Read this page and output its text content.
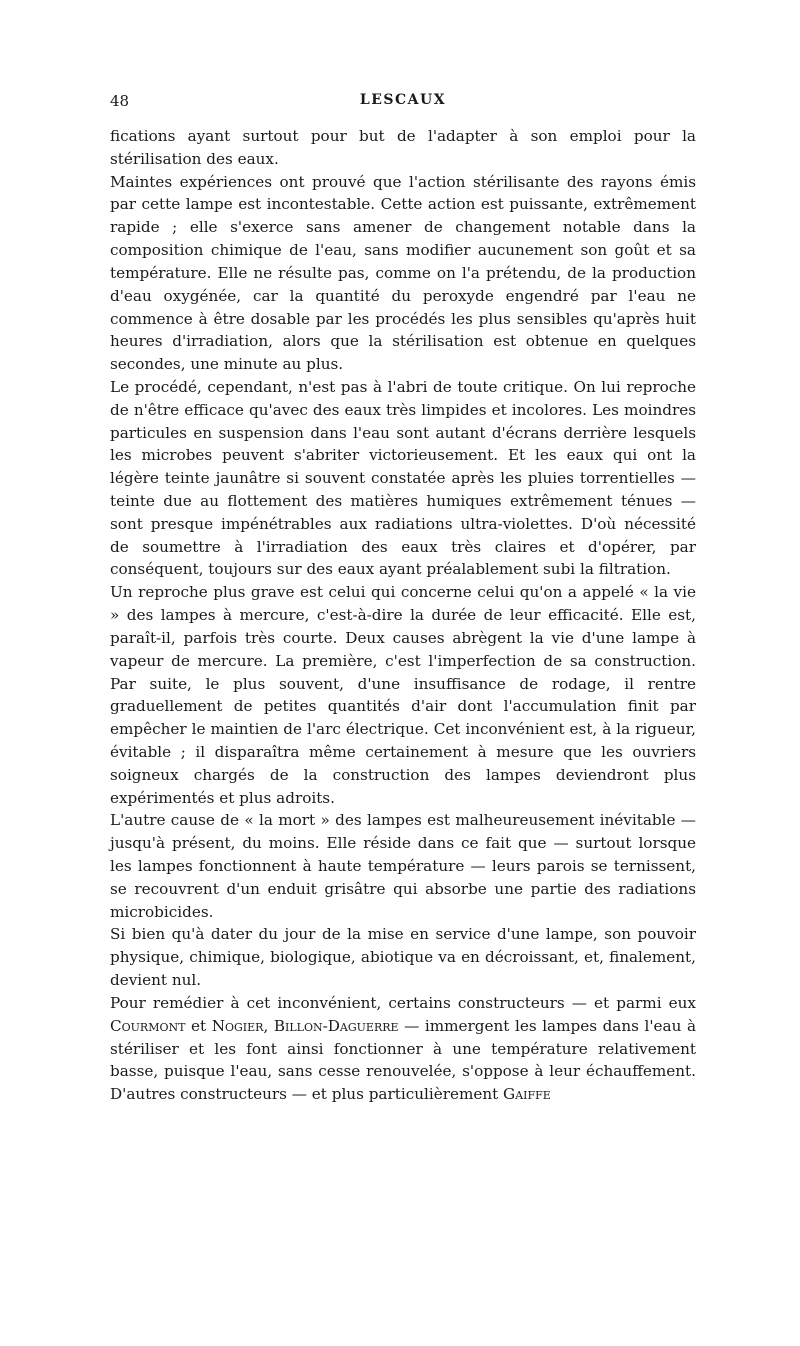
48	LESCAUX

fications ayant surtout pour but de l'adapter à son emploi pour la stérilisation des eaux.

Maintes expériences ont prouvé que l'action stérilisante des rayons émis par cette lampe est incontestable. Cette action est puissante, extrêmement rapide ; elle s'exerce sans amener de changement notable dans la composition chimique de l'eau, sans modifier aucunement son goût et sa température. Elle ne résulte pas, comme on l'a prétendu, de la production d'eau oxygénée, car la quantité du peroxyde engendré par l'eau ne commence à être dosable par les procédés les plus sensibles qu'après huit heures d'irradiation, alors que la stérilisation est obtenue en quelques secondes, une minute au plus.

Le procédé, cependant, n'est pas à l'abri de toute critique. On lui reproche de n'être efficace qu'avec des eaux très limpides et incolores. Les moindres particules en suspension dans l'eau sont autant d'écrans derrière lesquels les microbes peuvent s'abriter victorieusement. Et les eaux qui ont la légère teinte jaunâtre si souvent constatée après les pluies torrentielles — teinte due au flottement des matières humiques extrêmement ténues — sont presque impénétrables aux radiations ultra-violettes. D'où nécessité de soumettre à l'irradiation des eaux très claires et d'opérer, par conséquent, toujours sur des eaux ayant préalablement subi la filtration.

Un reproche plus grave est celui qui concerne celui qu'on a appelé « la vie » des lampes à mercure, c'est-à-dire la durée de leur efficacité. Elle est, paraît-il, parfois très courte. Deux causes abrègent la vie d'une lampe à vapeur de mercure. La première, c'est l'imperfection de sa construction. Par suite, le plus souvent, d'une insuffisance de rodage, il rentre graduellement de petites quantités d'air dont l'accumulation finit par empêcher le maintien de l'arc électrique. Cet inconvénient est, à la rigueur, évitable ; il disparaîtra même certainement à mesure que les ouvriers soigneux chargés de la construction des lampes deviendront plus expérimentés et plus adroits.

L'autre cause de « la mort » des lampes est malheureusement inévitable — jusqu'à présent, du moins. Elle réside dans ce fait que — surtout lorsque les lampes fonctionnent à haute température — leurs parois se ternissent, se recouvrent d'un enduit grisâtre qui absorbe une partie des radiations microbicides.

Si bien qu'à dater du jour de la mise en service d'une lampe, son pouvoir physique, chimique, biologique, abiotique va en décroissant, et, finalement, devient nul.

Pour remédier à cet inconvénient, certains constructeurs — et parmi eux Courmont et Nogier, Billon-Daguerre — immergent les lampes dans l'eau à stériliser et les font ainsi fonctionner à une température relativement basse, puisque l'eau, sans cesse renouvelée, s'oppose à leur échauffement. D'autres constructeurs — et plus particulièrement Gaiffe
